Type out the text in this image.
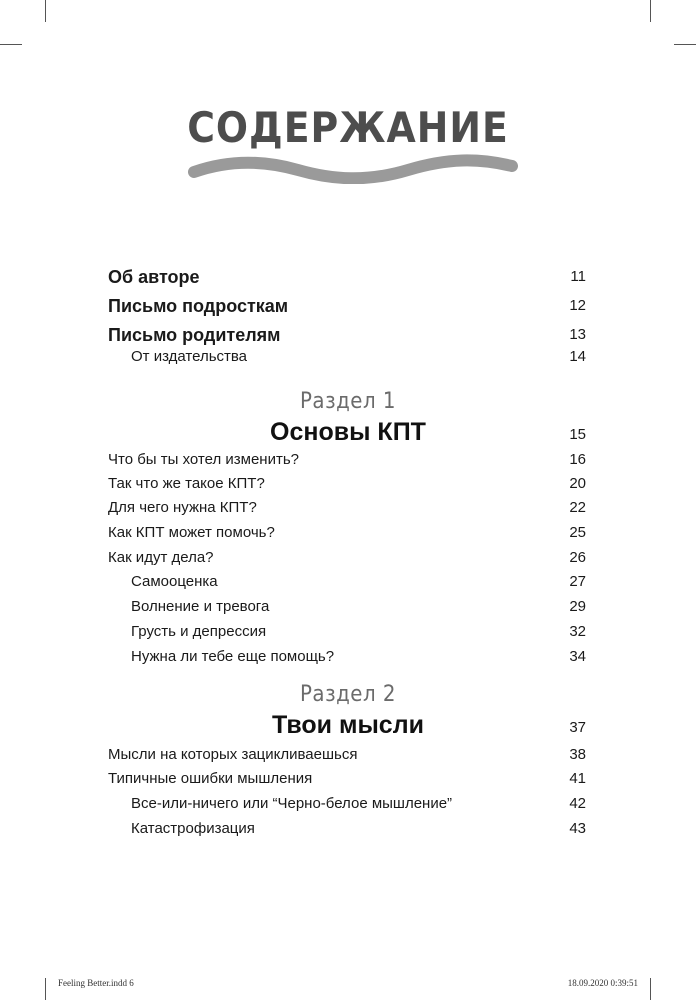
СОДЕРЖАНИЕ
Об авторе	11
Письмо подросткам	12
Письмо родителям	13
От издательства	14
Раздел 1
Основы КПТ	15
Что бы ты хотел изменить?	16
Так что же такое КПТ?	20
Для чего нужна КПТ?	22
Как КПТ может помочь?	25
Как идут дела?	26
Самооценка	27
Волнение и тревога	29
Грусть и депрессия	32
Нужна ли тебе еще помощь?	34
Раздел 2
Твои мысли	37
Мысли на которых зацикливаешься	38
Типичные ошибки мышления	41
Все-или-ничего или “Черно-белое мышление”	42
Катастрофизация	43
Feeling Better.indd 6	18.09.2020 0:39:51
